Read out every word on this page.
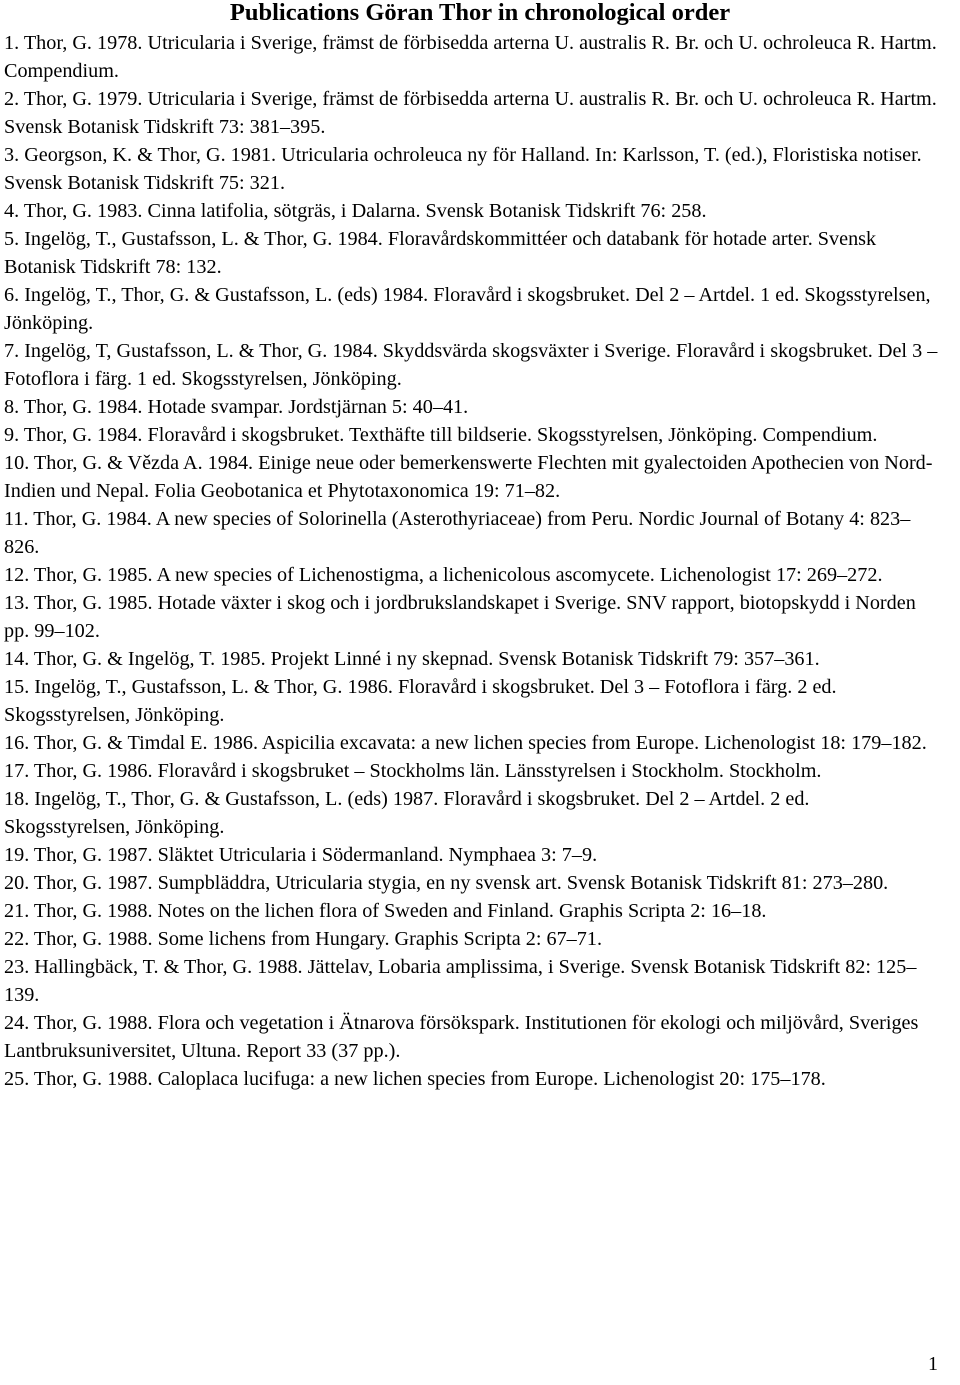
Publications Göran Thor in chronological order
1. Thor, G. 1978. Utricularia i Sverige, främst de förbisedda arterna U. australis R. Br. och U. ochroleuca R. Hartm. Compendium.
2. Thor, G. 1979. Utricularia i Sverige, främst de förbisedda arterna U. australis R. Br. och U. ochroleuca R. Hartm. Svensk Botanisk Tidskrift 73: 381–395.
3. Georgson, K. & Thor, G. 1981. Utricularia ochroleuca ny för Halland. In: Karlsson, T. (ed.), Floristiska notiser. Svensk Botanisk Tidskrift 75: 321.
4. Thor, G. 1983. Cinna latifolia, sötgräs, i Dalarna. Svensk Botanisk Tidskrift 76: 258.
5. Ingelög, T., Gustafsson, L. & Thor, G. 1984. Floravårdskommittéer och databank för hotade arter. Svensk Botanisk Tidskrift 78: 132.
6. Ingelög, T., Thor, G. & Gustafsson, L. (eds) 1984. Floravård i skogsbruket. Del 2 – Artdel. 1 ed. Skogsstyrelsen, Jönköping.
7. Ingelög, T, Gustafsson, L. & Thor, G. 1984. Skyddsvärda skogsväxter i Sverige. Floravård i skogsbruket. Del 3 – Fotoflora i färg. 1 ed. Skogsstyrelsen, Jönköping.
8. Thor, G. 1984. Hotade svampar. Jordstjärnan 5: 40–41.
9. Thor, G. 1984. Floravård i skogsbruket. Texthäfte till bildserie. Skogsstyrelsen, Jönköping. Compendium.
10. Thor, G. & Vězda A. 1984. Einige neue oder bemerkenswerte Flechten mit gyalectoiden Apothecien von Nord-Indien und Nepal. Folia Geobotanica et Phytotaxonomica 19: 71–82.
11. Thor, G. 1984. A new species of Solorinella (Asterothyriaceae) from Peru. Nordic Journal of Botany 4: 823–826.
12. Thor, G. 1985. A new species of Lichenostigma, a lichenicolous ascomycete. Lichenologist 17: 269–272.
13. Thor, G. 1985. Hotade växter i skog och i jordbrukslandskapet i Sverige. SNV rapport, biotopskydd i Norden pp. 99–102.
14. Thor, G. & Ingelög, T. 1985. Projekt Linné i ny skepnad. Svensk Botanisk Tidskrift 79: 357–361.
15. Ingelög, T., Gustafsson, L. & Thor, G. 1986. Floravård i skogsbruket. Del 3 – Fotoflora i färg. 2 ed. Skogsstyrelsen, Jönköping.
16. Thor, G. & Timdal E. 1986. Aspicilia excavata: a new lichen species from Europe. Lichenologist 18: 179–182.
17. Thor, G. 1986. Floravård i skogsbruket – Stockholms län. Länsstyrelsen i Stockholm. Stockholm.
18. Ingelög, T., Thor, G. & Gustafsson, L. (eds) 1987. Floravård i skogsbruket. Del 2 – Artdel. 2 ed. Skogsstyrelsen, Jönköping.
19. Thor, G. 1987. Släktet Utricularia i Södermanland. Nymphaea 3: 7–9.
20. Thor, G. 1987. Sumpbläddra, Utricularia stygia, en ny svensk art. Svensk Botanisk Tidskrift 81: 273–280.
21. Thor, G. 1988. Notes on the lichen flora of Sweden and Finland. Graphis Scripta 2: 16–18.
22. Thor, G. 1988. Some lichens from Hungary. Graphis Scripta 2: 67–71.
23. Hallingbäck, T. & Thor, G. 1988. Jättelav, Lobaria amplissima, i Sverige. Svensk Botanisk Tidskrift 82: 125–139.
24. Thor, G. 1988. Flora och vegetation i Ätnarova försökspark. Institutionen för ekologi och miljövård, Sveriges Lantbruksuniversitet, Ultuna. Report 33 (37 pp.).
25. Thor, G. 1988. Caloplaca lucifuga: a new lichen species from Europe. Lichenologist 20: 175–178.
1
